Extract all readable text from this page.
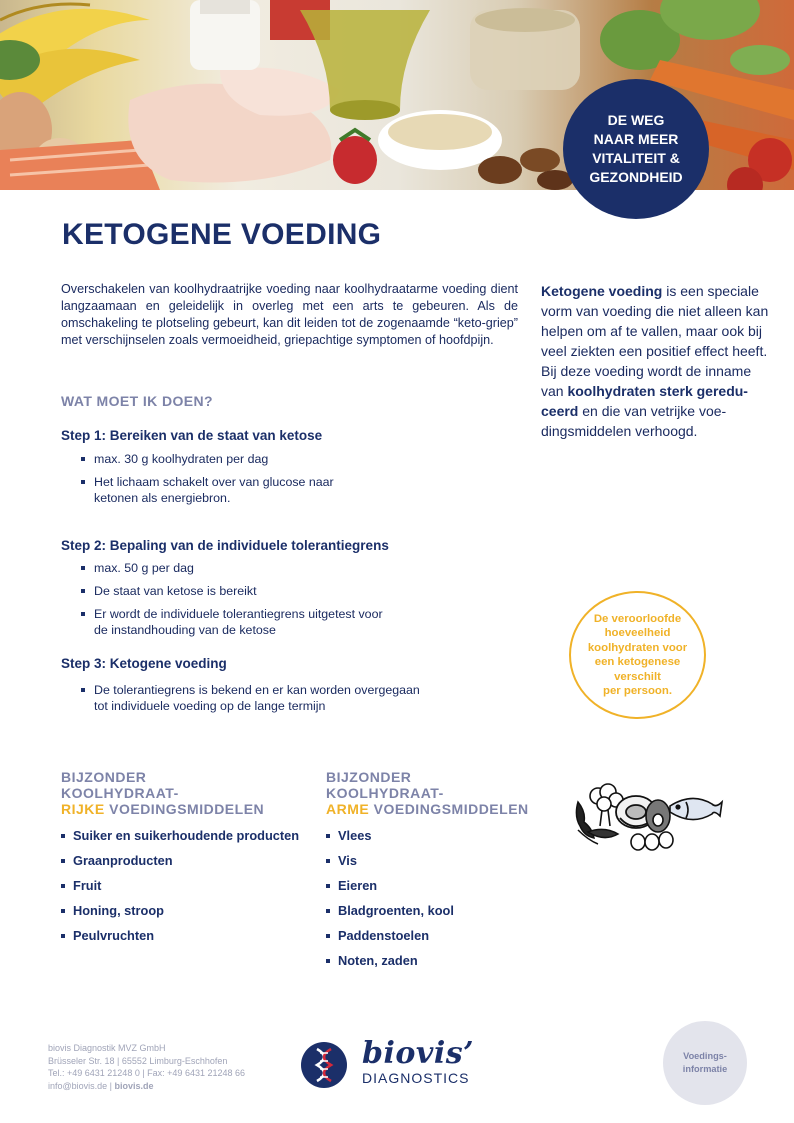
DE WEG
NAAR MEER
VITALITEIT &
GEZONDHEID
KETOGENE VOEDING

Overschakelen van koolhydraatrijke voeding naar koolhydraatarme voeding dient langzaamaan en geleidelijk in overleg met een arts te gebeuren. Als de omschakeling te plotseling gebeurt, kan dit leiden tot de zogenaamde “keto-griep” met verschijnselen zoals vermoeidheid, griepachtige symptomen of hoofdpijn.

WAT MOET IK DOEN?
Step 1: Bereiken van de staat van ketose
max. 30 g koolhydraten per dag
Het lichaam schakelt over van glucose naar ketonen als energiebron.
Step 2: Bepaling van de individuele tolerantiegrens
max. 50 g per dag
De staat van ketose is bereikt
Er wordt de individuele tolerantiegrens uitgetest voor de instandhouding van de ketose
Step 3: Ketogene voeding
De tolerantiegrens is bekend en er kan worden overgegaan tot individuele voeding op de lange termijn
Ketogene voeding is een speciale vorm van voeding die niet alleen kan helpen om af te vallen, maar ook bij veel ziekten een positief effect heeft.
Bij deze voeding wordt de inname van koolhydraten sterk geredu-ceerd en die van vetrijke voe-dingsmiddelen verhoogd.
De veroorloofde
hoeveelheid
koolhydraten voor
een ketogenese
verschilt
per persoon.
BIJZONDER
KOOLHYDRAAT-
RIJKE VOEDINGSMIDDELEN
Suiker en suikerhoudende producten
Graanproducten
Fruit
Honing, stroop
Peulvruchten
BIJZONDER
KOOLHYDRAAT-
ARME VOEDINGSMIDDELEN
Vlees
Vis
Eieren
Bladgroenten, kool
Paddenstoelen
Noten, zaden
biovis Diagnostik MVZ GmbH
Brüsseler Str. 18 | 65552 Limburg-Eschhofen
Tel.: +49 6431 21248 0 | Fax: +49 6431 21248 66
info@biovis.de | biovis.de
biovis’
DIAGNOSTICS
Voedings-
informatie
